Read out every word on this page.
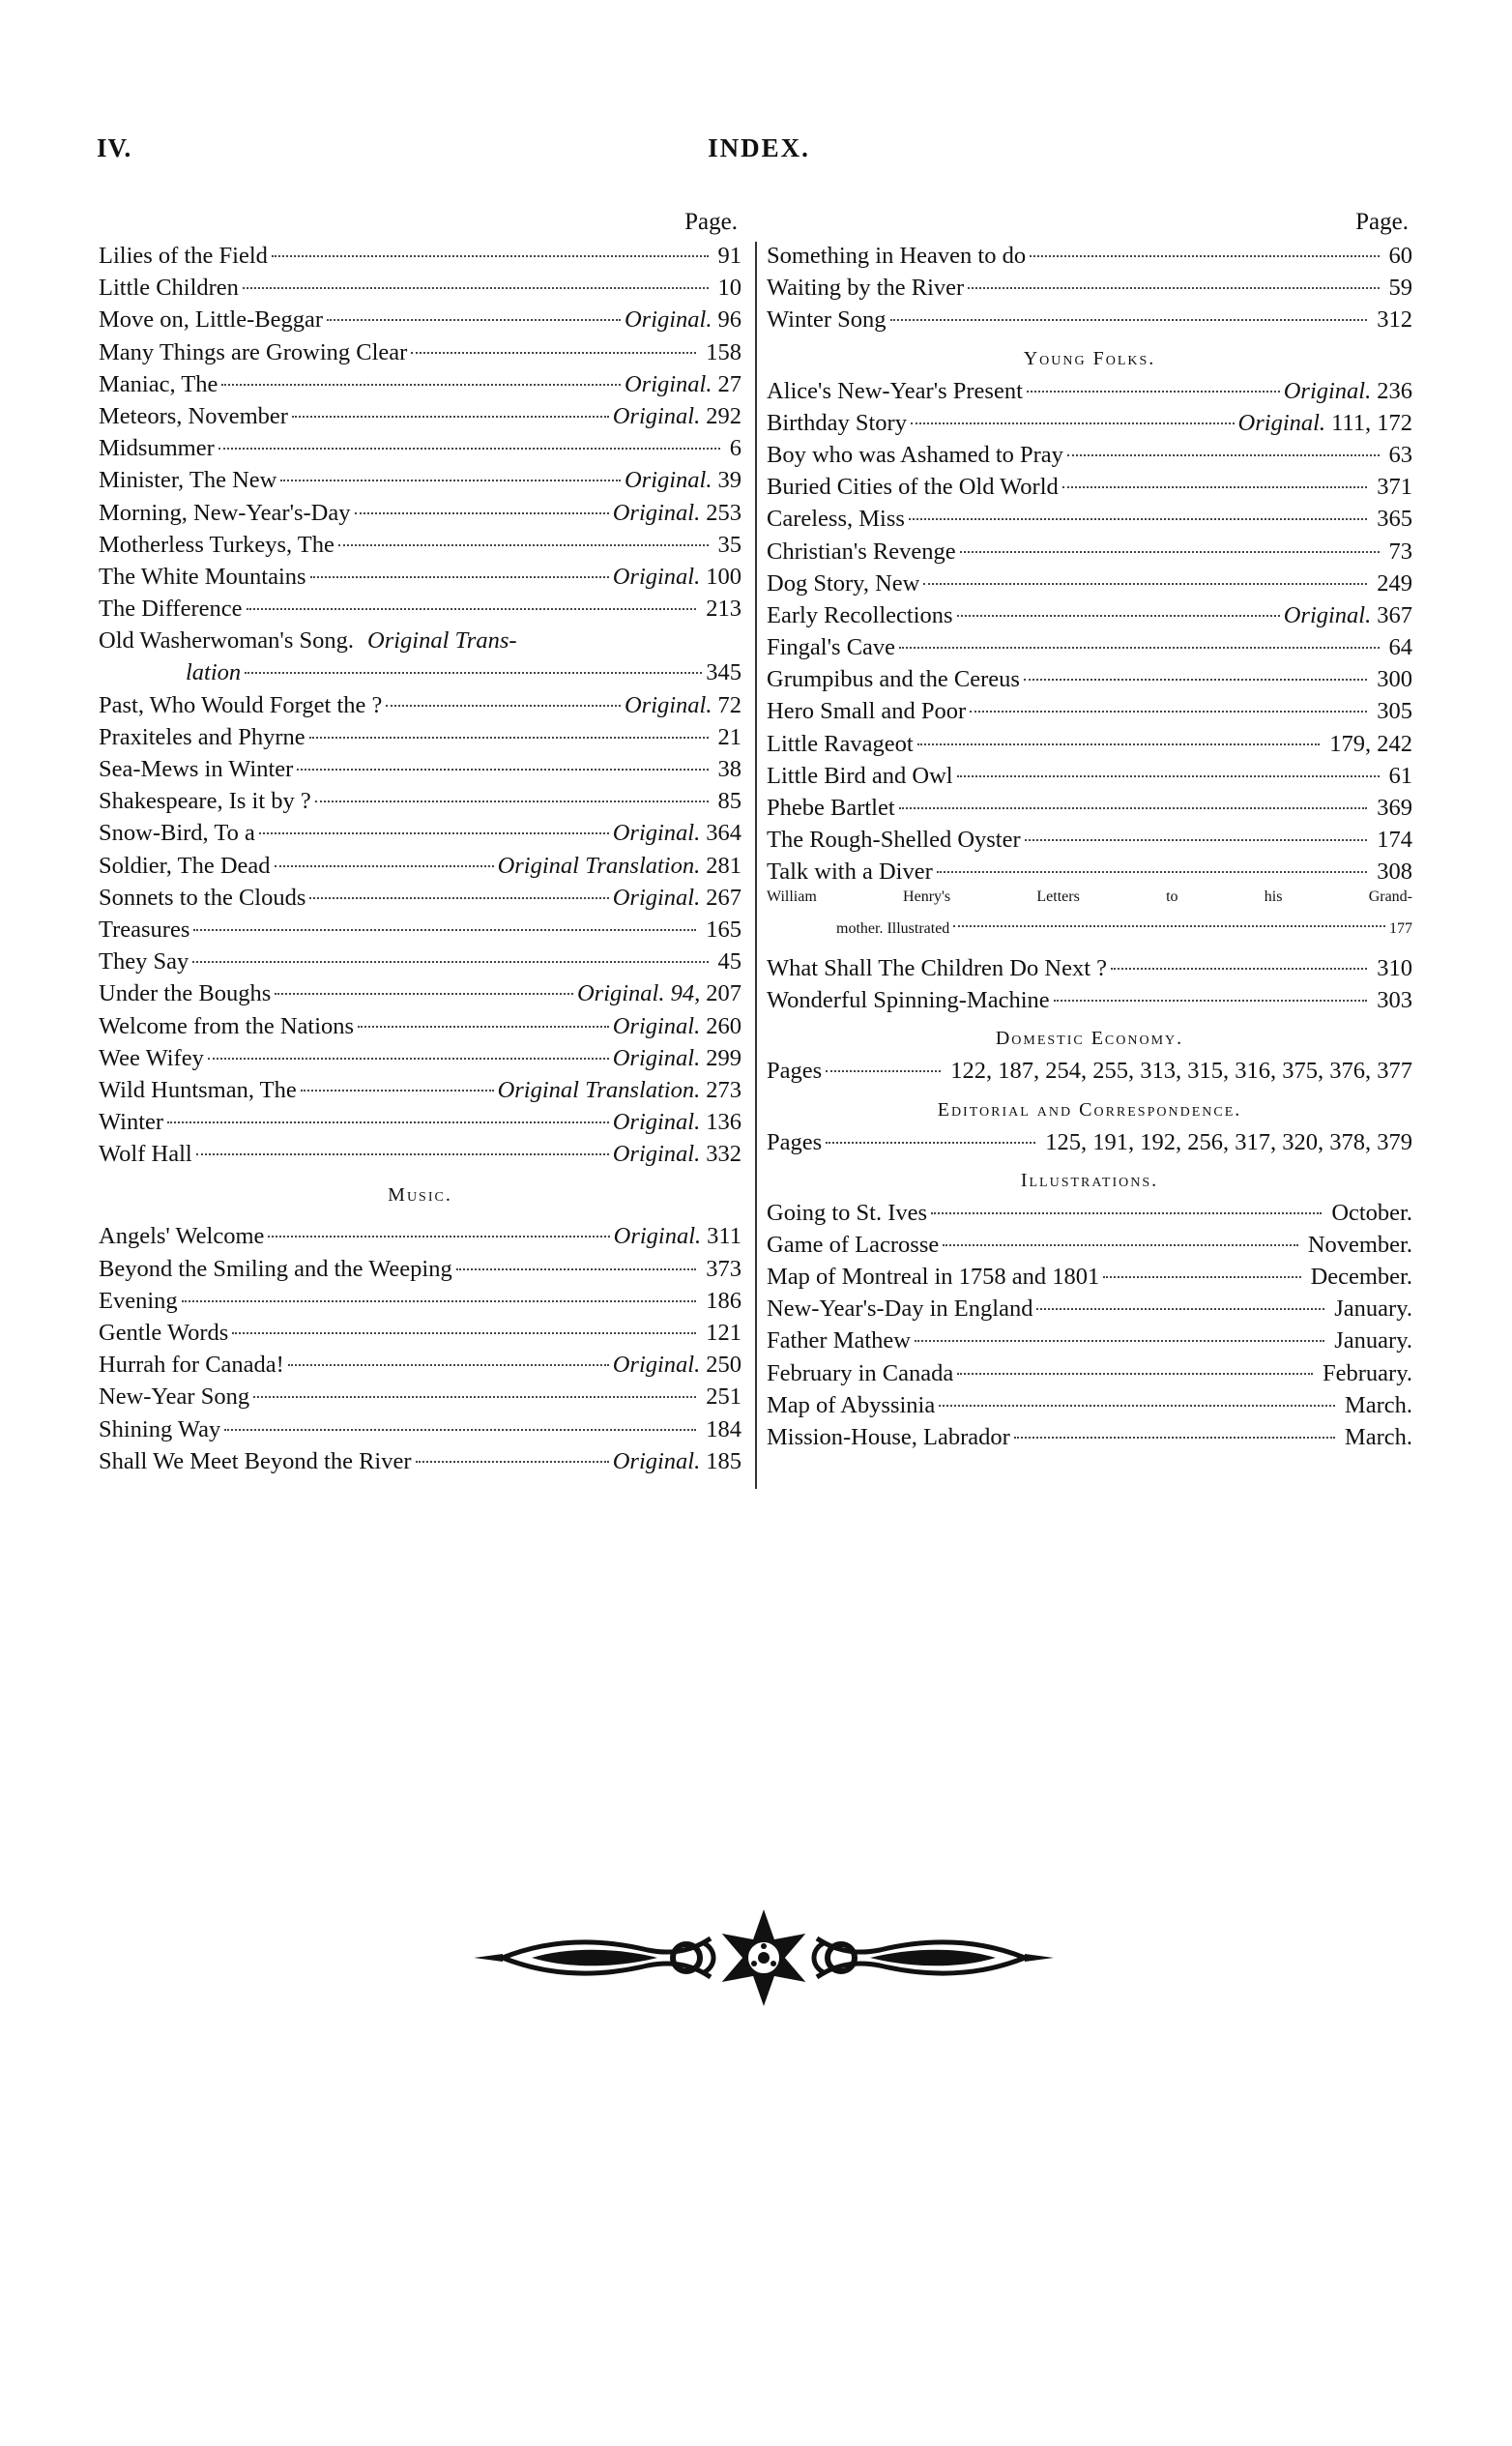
IV.	INDEX.
Page.
Lilies of the Field	91
Little Children	10
Move on, Little-Beggar	Original. 96
Many Things are Growing Clear	158
Maniac, The	Original. 27
Meteors, November	Original. 292
Midsummer	6
Minister, The New	Original. 39
Morning, New-Year's-Day	Original. 253
Motherless Turkeys, The	35
The White Mountains	Original. 100
The Difference	213
Old Washerwoman's Song. Original Trans-
lation	345
Past, Who Would Forget the ?	Original. 72
Praxiteles and Phyrne	21
Sea-Mews in Winter	38
Shakespeare, Is it by ?	85
Snow-Bird, To a	Original. 364
Soldier, The Dead	Original Translation. 281
Sonnets to the Clouds	Original. 267
Treasures	165
They Say	45
Under the Boughs	Original. 94, 207
Welcome from the Nations	Original. 260
Wee Wifey	Original. 299
Wild Huntsman, The	Original Translation. 273
Winter	Original. 136
Wolf Hall	Original. 332
Music.
Angels' Welcome	Original. 311
Beyond the Smiling and the Weeping	373
Evening	186
Gentle Words	121
Hurrah for Canada!	Original. 250
New-Year Song	251
Shining Way	184
Shall We Meet Beyond the River	Original. 185
Page.
Something in Heaven to do	60
Waiting by the River	59
Winter Song	312
Young Folks.
Alice's New-Year's Present	Original. 236
Birthday Story	Original. 111, 172
Boy who was Ashamed to Pray	63
Buried Cities of the Old World	371
Careless, Miss	365
Christian's Revenge	73
Dog Story, New	249
Early Recollections	Original. 367
Fingal's Cave	64
Grumpibus and the Cereus	300
Hero Small and Poor	305
Little Ravageot	179, 242
Little Bird and Owl	61
Phebe Bartlet	369
The Rough-Shelled Oyster	174
Talk with a Diver	308
William	Henry's	Letters	to	his	Grand-
mother. Illustrated	177
What Shall The Children Do Next ?	310
Wonderful Spinning-Machine	303
Domestic Economy.
Pages	122, 187, 254, 255, 313, 315, 316, 375, 376, 377
Editorial and Correspondence.
Pages	125, 191, 192, 256, 317, 320, 378, 379
Illustrations.
Going to St. Ives	October.
Game of Lacrosse	November.
Map of Montreal in 1758 and 1801	December.
New-Year's-Day in England	January.
Father Mathew	January.
February in Canada	February.
Map of Abyssinia	March.
Mission-House, Labrador	March.
